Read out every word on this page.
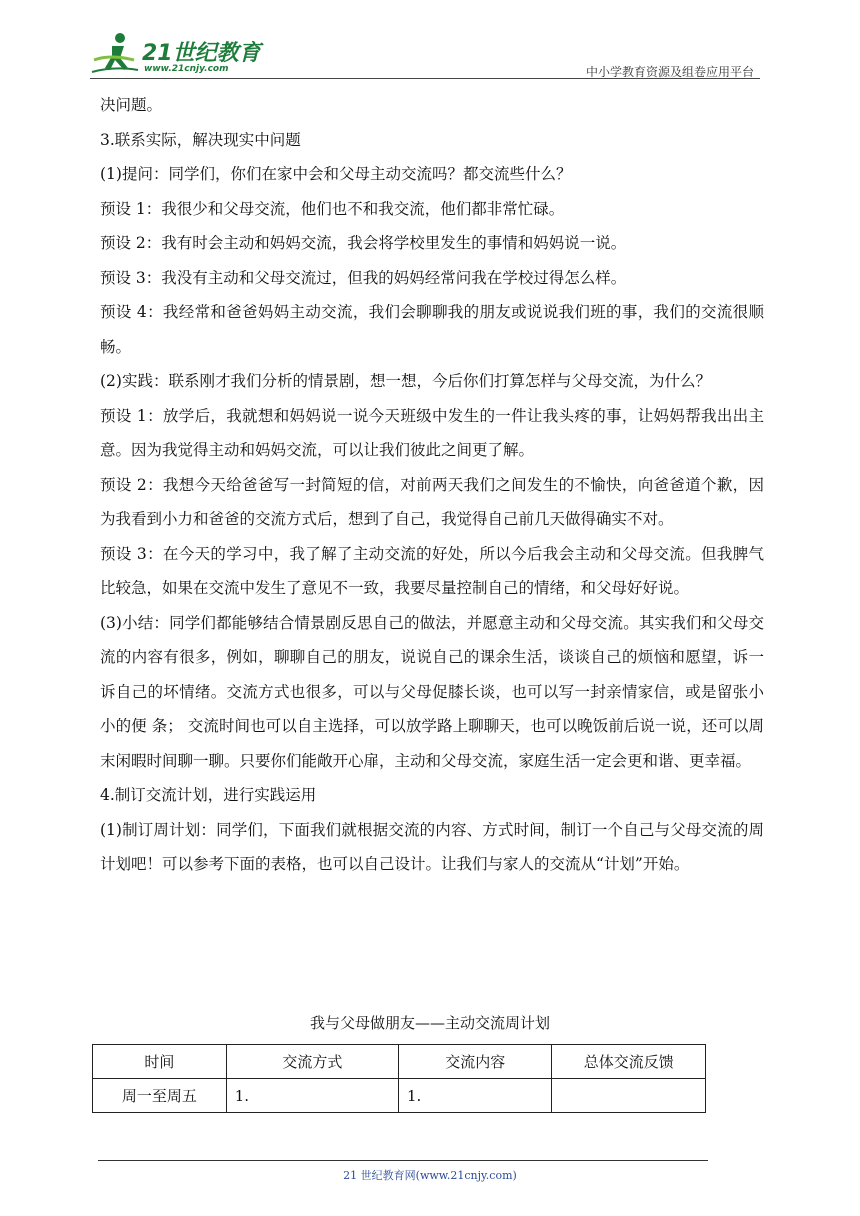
21世纪教育
www.21cnjy.com	中小学教育资源及组卷应用平台

决问题。

3.联系实际，解决现实中问题

(1)提问：同学们，你们在家中会和父母主动交流吗？都交流些什么？

预设 1：我很少和父母交流，他们也不和我交流，他们都非常忙碌。

预设 2：我有时会主动和妈妈交流，我会将学校里发生的事情和妈妈说一说。

预设 3：我没有主动和父母交流过，但我的妈妈经常问我在学校过得怎么样。

预设 4：我经常和爸爸妈妈主动交流，我们会聊聊我的朋友或说说我们班的事，我们的交流很顺畅。

(2)实践：联系刚才我们分析的情景剧，想一想，今后你们打算怎样与父母交流，为什么？

预设 1：放学后，我就想和妈妈说一说今天班级中发生的一件让我头疼的事，让妈妈帮我出出主意。因为我觉得主动和妈妈交流，可以让我们彼此之间更了解。

预设 2：我想今天给爸爸写一封简短的信，对前两天我们之间发生的不愉快，向爸爸道个歉，因为我看到小力和爸爸的交流方式后，想到了自己，我觉得自己前几天做得确实不对。

预设 3：在今天的学习中，我了解了主动交流的好处，所以今后我会主动和父母交流。但我脾气比较急，如果在交流中发生了意见不一致，我要尽量控制自己的情绪，和父母好好说。

(3)小结：同学们都能够结合情景剧反思自己的做法，并愿意主动和父母交流。其实我们和父母交流的内容有很多，例如，聊聊自己的朋友，说说自己的课余生活，谈谈自己的烦恼和愿望，诉一诉自己的坏情绪。交流方式也很多，可以与父母促膝长谈，也可以写一封亲情家信，或是留张小小的便 条； 交流时间也可以自主选择，可以放学路上聊聊天，也可以晚饭前后说一说，还可以周末闲暇时间聊一聊。只要你们能敞开心扉，主动和父母交流，家庭生活一定会更和谐、更幸福。

4.制订交流计划，进行实践运用

(1)制订周计划：同学们，下面我们就根据交流的内容、方式时间，制订一个自己与父母交流的周计划吧！可以参考下面的表格，也可以自己设计。让我们与家人的交流从“计划”开始。

我与父母做朋友——主动交流周计划
时间	交流方式	交流内容	总体交流反馈
周一至周五	1.	1.	
21 世纪教育网(www.21cnjy.com)
